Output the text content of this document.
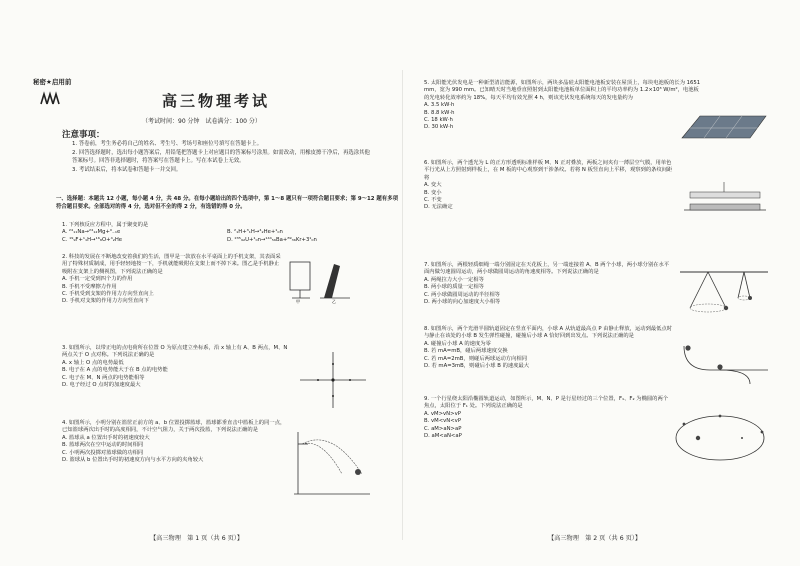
秘密★启用前
高三物理考试
（考试时间：90 分钟　试卷满分：100 分）
注意事项：

1. 答卷前，考生务必将自己的姓名、考生号、考场号和座位号填写在答题卡上。

2. 回答选择题时，选出每小题答案后，用铅笔把答题卡上对应题目的答案标号涂黑。如需改动，用橡皮擦干净后，再选涂其他答案标号。回答非选择题时，将答案写在答题卡上。写在本试卷上无效。

3. 考试结束后，将本试卷和答题卡一并交回。

一、选择题：本题共 12 小题，每小题 4 分，共 48 分。在每小题给出的四个选项中，第 1～8 题只有一项符合题目要求；第 9～12 题有多项符合题目要求。全部选对的得 4 分，选对但不全的得 2 分，有选错的得 0 分。

1. 下列核反应方程中，属于聚变的是

A. ²⁴₁₁Na→²⁴₁₂Mg+⁰₋₁e	B. ²₁H+³₁H→⁴₂He+¹₀n
C. ¹⁹₉F+¹₁H→¹⁶₈O+⁴₂He	D. ²³⁵₉₂U+¹₀n→¹⁴⁴₅₆Ba+⁸⁹₃₆Kr+3¹₀n

2. 科技的发展在不断地改变着我们的生活，图甲是一款放在水平桌面上的手机支架，其表面采用了特殊材质制成，用手轻轻地按一下，手机就能吸附在支架上而不掉下来。图乙是手机静止吸附在支架上的侧视图，下列说法正确的是

A. 手机一定受到四个力的作用

B. 手机不受摩擦力作用

C. 手机受到支架的作用力方向竖直向上

D. 手机对支架的作用力方向竖直向下	甲	乙

3. 如图所示，以带正电的点电荷所在位置 O 为原点建立坐标系，沿 x 轴上有 A、B 两点，M、N 两点关于 O 点对称。下列说法正确的是

A. x 轴上 O 点的电势最低

B. 电子在 A 点的电势能大于在 B 点的电势能

C. 电子在 M、N 两点的电势能相等

D. 电子经过 O 点时的加速度最大

4. 如图所示，小明分别在篮筐正前方的 a、b 位置投掷篮球，篮球都垂直击中篮板上的同一点，已知篮球两次出手时的高度相同，不计空气阻力，关于两次投篮，下列说法正确的是

A. 篮球从 a 位置出手时的初速度较大

B. 篮球两次在空中运动的时间相同

C. 小明两次投掷对篮球做的功相同

D. 篮球从 b 位置出手时的初速度方向与水平方向的夹角较大

【高三物理　第 1 页（共 6 页）】

5. 太阳能光伏发电是一种新型清洁能源，如图所示，两块多晶硅太阳能电池板安装在屋顶上，每块电池板的长为 1651 mm，宽为 990 mm。已知晴天时当地垂直照射到太阳能电池板单位面积上的平均功率约为 1.2×10³ W/m²，电池板的光电转化效率约为 18%，每天平均有效光照 4 h，则该光伏发电系统每天的发电量约为

A. 3.5 kW·h

B. 8.8 kW·h

C. 18 kW·h

D. 30 kW·h

6. 如图所示，两个透光为 L 的正方形透明标准样板 M、N 正对叠放，两板之间夹有一薄层空气膜，用单色平行光从上方照射到样板上，在 M 板的中心观察到干涉条纹。若将 N 板竖直向上平移，观察到的条纹间距将

A. 变大

B. 变小

C. 不变

D. 无法确定

7. 如图所示，两根轻质细绳一端分别固定在天花板上，另一端连接着 A、B 两个小球，两小球分别在水平面内做匀速圆周运动，两小球做圆周运动的角速度相等。下列说法正确的是

A. 两绳拉力大小一定相等

B. 两小球的质量一定相等

C. 两小球做圆周运动的半径相等

D. 两小球的向心加速度大小相等

8. 如图所示，两个光滑半圆轨道固定在竖直平面内，小球 A 从轨道最高点 P 由静止释放，运动到最低点时与静止在该处的小球 B 发生弹性碰撞，碰撞后小球 A 恰好回到出发点。下列说法正确的是

A. 碰撞后小球 A 的速度为零

B. 若 mA=mB，碰后两球速度交换

C. 若 mA=2mB，则碰后两球运动方向相同

D. 若 mA=3mB，则碰后小球 B 的速度最大

9. 一个行星绕太阳沿椭圆轨道运动，如图所示，M、N、P 是行星经过的三个位置，F₁、F₂ 为椭圆的两个焦点，太阳位于 F₁ 处。下列说法正确的是

A. vM>vN>vP

B. vM<vN<vP

C. aM>aN>aP

D. aM<aN<aP

【高三物理　第 2 页（共 6 页）】
